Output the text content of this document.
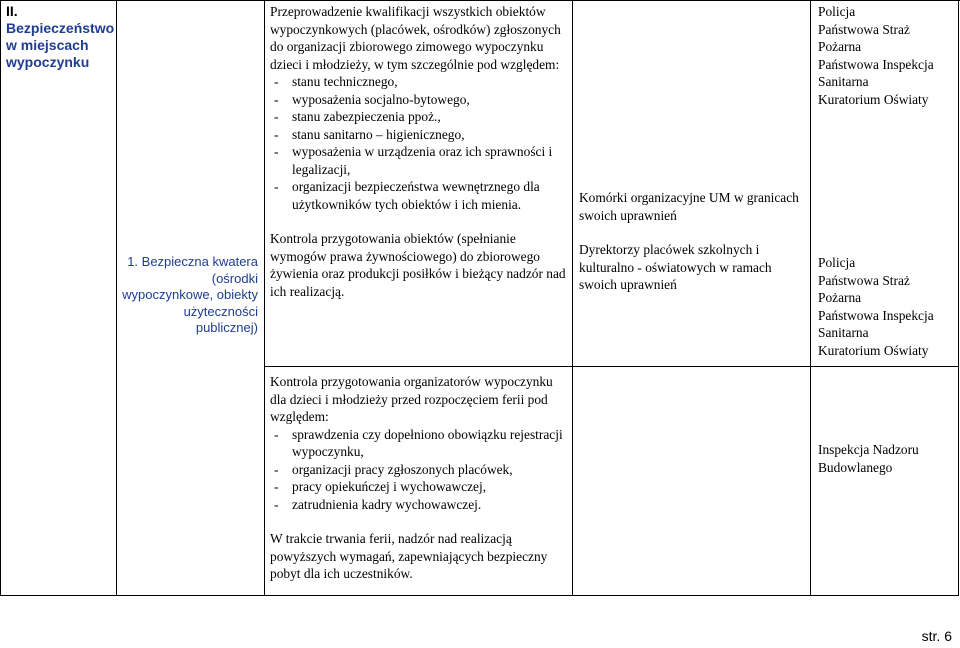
II.
Bezpieczeństwo w miejscach wypoczynku
1. Bezpieczna kwatera (ośrodki wypoczynkowe, obiekty użyteczności publicznej)
Przeprowadzenie kwalifikacji wszystkich obiektów wypoczynkowych (placówek, ośrodków) zgłoszonych do organizacji zbiorowego zimowego wypoczynku dzieci i młodzieży, w tym szczególnie pod względem:
- stanu technicznego,
- wyposażenia socjalno-bytowego,
- stanu zabezpieczenia ppoż.,
- stanu sanitarno – higienicznego,
- wyposażenia w urządzenia oraz ich sprawności i legalizacji,
- organizacji bezpieczeństwa wewnętrznego dla użytkowników tych obiektów i ich mienia.
Kontrola przygotowania obiektów (spełnianie wymogów prawa żywnościowego) do zbiorowego żywienia oraz produkcji posiłków i bieżący nadzór nad ich realizacją.
Komórki organizacyjne UM w granicach swoich uprawnień
Dyrektorzy placówek szkolnych i kulturalno - oświatowych w ramach swoich uprawnień
Policja
Państwowa Straż Pożarna
Państwowa Inspekcja Sanitarna
Kuratorium Oświaty
Policja
Państwowa Straż Pożarna
Państwowa Inspekcja Sanitarna
Kuratorium Oświaty
Kontrola przygotowania organizatorów wypoczynku dla dzieci i młodzieży przed rozpoczęciem ferii pod względem:
- sprawdzenia czy dopełniono obowiązku rejestracji wypoczynku,
- organizacji pracy zgłoszonych placówek,
- pracy opiekuńczej i wychowawczej,
- zatrudnienia kadry wychowawczej.
W trakcie trwania ferii, nadzór nad realizacją powyższych wymagań, zapewniających bezpieczny pobyt dla ich uczestników.
Inspekcja Nadzoru Budowlanego
str. 6
